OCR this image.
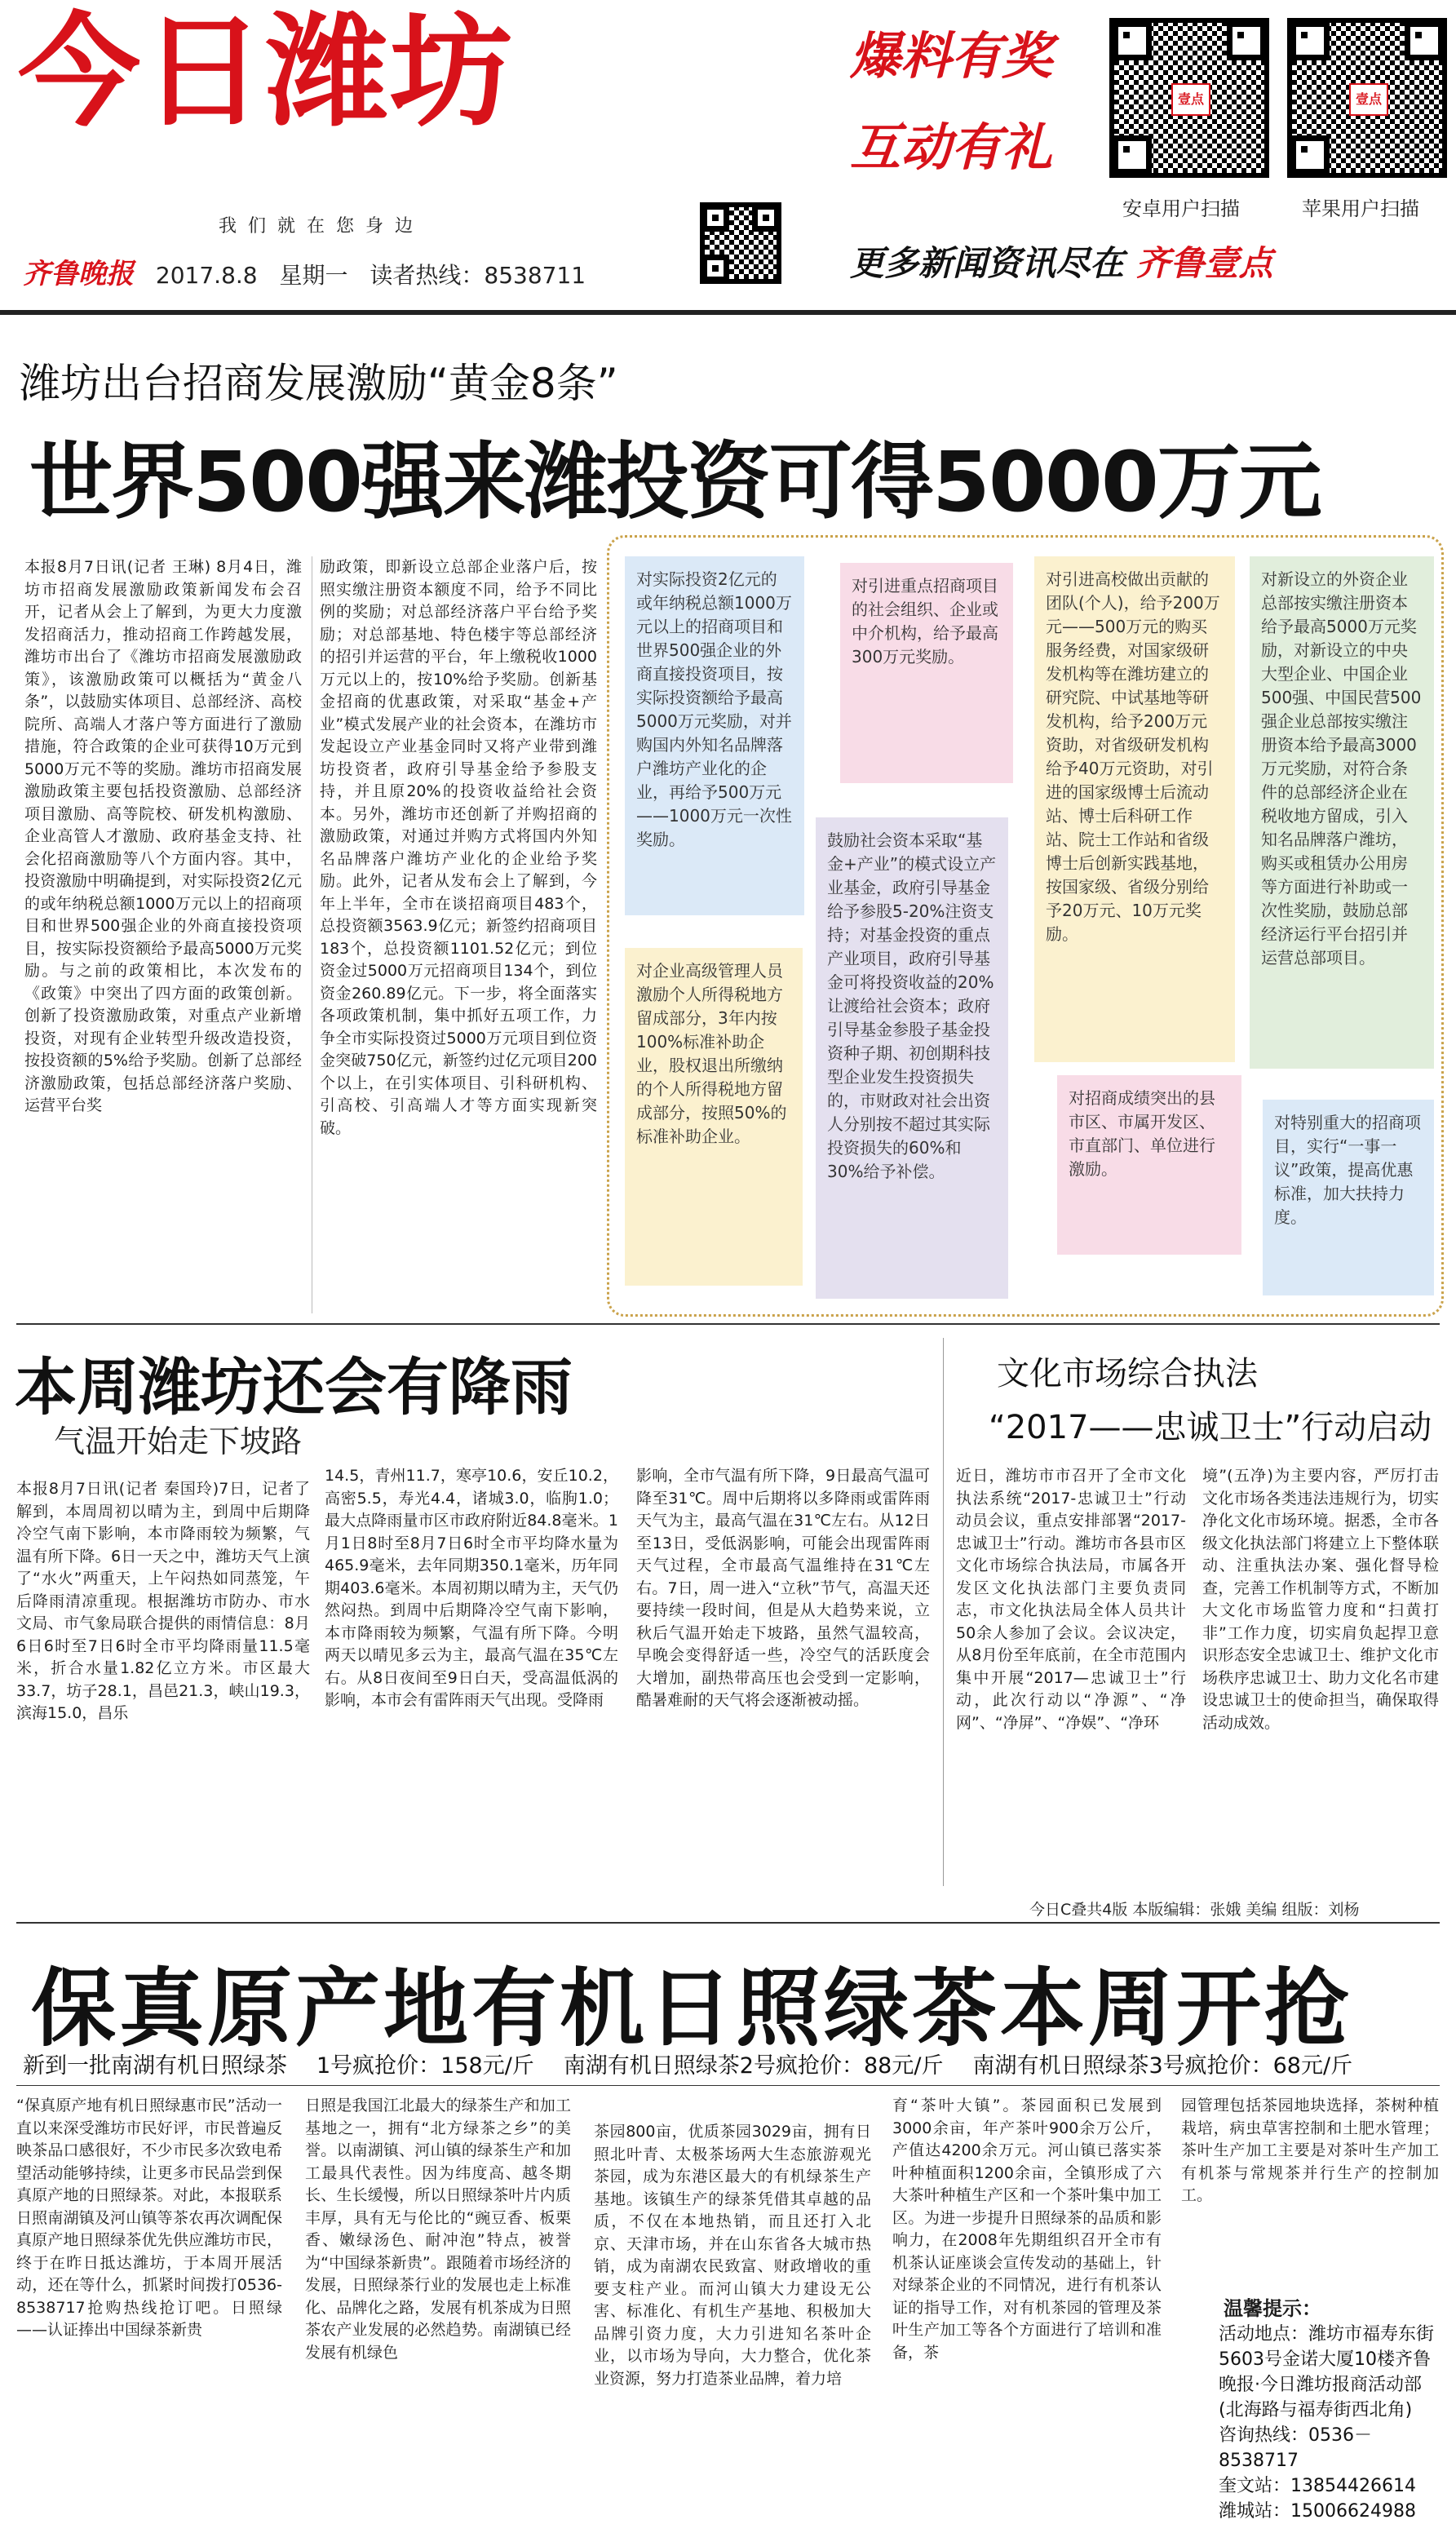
今日潍坊
我们就在您身边
齐鲁晚报 2017.8.8 星期一 读者热线：8538711
爆料有奖
互动有礼
壹点	壹点
安卓用户扫描	苹果用户扫描
更多新闻资讯尽在 齐鲁壹点
潍坊出台招商发展激励“黄金8条”
世界500强来潍投资可得5000万元
本报8月7日讯(记者 王琳) 8月4日，潍坊市招商发展激励政策新闻发布会召开，记者从会上了解到，为更大力度激发招商活力，推动招商工作跨越发展，潍坊市出台了《潍坊市招商发展激励政策》，该激励政策可以概括为“黄金八条”，以鼓励实体项目、总部经济、高校院所、高端人才落户等方面进行了激励措施，符合政策的企业可获得10万元到5000万元不等的奖励。潍坊市招商发展激励政策主要包括投资激励、总部经济项目激励、高等院校、研发机构激励、企业高管人才激励、政府基金支持、社会化招商激励等八个方面内容。其中，投资激励中明确提到，对实际投资2亿元的或年纳税总额1000万元以上的招商项目和世界500强企业的外商直接投资项目，按实际投资额给予最高5000万元奖励。与之前的政策相比，本次发布的《政策》中突出了四方面的政策创新。创新了投资激励政策，对重点产业新增投资，对现有企业转型升级改造投资，按投资额的5%给予奖励。创新了总部经济激励政策，包括总部经济落户奖励、运营平台奖
励政策，即新设立总部企业落户后，按照实缴注册资本额度不同，给予不同比例的奖励；对总部经济落户平台给予奖励；对总部基地、特色楼宇等总部经济的招引并运营的平台，年上缴税收1000万元以上的，按10%给予奖励。创新基金招商的优惠政策，对采取“基金+产业”模式发展产业的社会资本，在潍坊市发起设立产业基金同时又将产业带到潍坊投资者，政府引导基金给予参股支持，并且原20%的投资收益给社会资本。另外，潍坊市还创新了并购招商的激励政策，对通过并购方式将国内外知名品牌落户潍坊产业化的企业给予奖励。此外，记者从发布会上了解到，今年上半年，全市在谈招商项目483个，总投资额3563.9亿元；新签约招商项目183个，总投资额1101.52亿元；到位资金过5000万元招商项目134个，到位资金260.89亿元。下一步，将全面落实各项政策机制，集中抓好五项工作，力争全市实际投资过5000万元项目到位资金突破750亿元，新签约过亿元项目200个以上，在引实体项目、引科研机构、引高校、引高端人才等方面实现新突破。
对实际投资2亿元的或年纳税总额1000万元以上的招商项目和世界500强企业的外商直接投资项目，按实际投资额给予最高5000万元奖励，对并购国内外知名品牌落户潍坊产业化的企业，再给予500万元——1000万元一次性奖励。
对引进重点招商项目的社会组织、企业或中介机构，给予最高300万元奖励。
对引进高校做出贡献的团队(个人)，给予200万元——500万元的购买服务经费，对国家级研发机构等在潍坊建立的研究院、中试基地等研发机构，给予200万元资助，对省级研发机构给予40万元资助，对引进的国家级博士后流动站、博士后科研工作站、院士工作站和省级博士后创新实践基地，按国家级、省级分别给予20万元、10万元奖励。
对新设立的外资企业总部按实缴注册资本给予最高5000万元奖励，对新设立的中央大型企业、中国企业500强、中国民营500强企业总部按实缴注册资本给予最高3000万元奖励，对符合条件的总部经济企业在税收地方留成，引入知名品牌落户潍坊，购买或租赁办公用房等方面进行补助或一次性奖励，鼓励总部经济运行平台招引并运营总部项目。
鼓励社会资本采取“基金+产业”的模式设立产业基金，政府引导基金给予参股5-20%注资支持；对基金投资的重点产业项目，政府引导基金可将投资收益的20%让渡给社会资本；政府引导基金参股子基金投资种子期、初创期科技型企业发生投资损失的，市财政对社会出资人分别按不超过其实际投资损失的60%和30%给予补偿。
对企业高级管理人员激励个人所得税地方留成部分，3年内按100%标准补助企业，股权退出所缴纳的个人所得税地方留成部分，按照50%的标准补助企业。
对招商成绩突出的县市区、市属开发区、市直部门、单位进行激励。
对特别重大的招商项目，实行“一事一议”政策，提高优惠标准，加大扶持力度。
本周潍坊还会有降雨
气温开始走下坡路
本报8月7日讯(记者 秦国玲)7日，记者了解到，本周周初以晴为主，到周中后期降冷空气南下影响，本市降雨较为频繁，气温有所下降。6日一天之中，潍坊天气上演了“水火”两重天，上午闷热如同蒸笼，午后降雨清凉重现。根据潍坊市防办、市水文局、市气象局联合提供的雨情信息：8月6日6时至7日6时全市平均降雨量11.5毫米，折合水量1.82亿立方米。市区最大33.7，坊子28.1，昌邑21.3，峡山19.3，滨海15.0，昌乐
14.5，青州11.7，寒亭10.6，安丘10.2，高密5.5，寿光4.4，诸城3.0，临朐1.0；最大点降雨量市区市政府附近84.8毫米。1月1日8时至8月7日6时全市平均降水量为465.9毫米，去年同期350.1毫米，历年同期403.6毫米。本周初期以晴为主，天气仍然闷热。到周中后期降冷空气南下影响，本市降雨较为频繁，气温有所下降。今明两天以晴见多云为主，最高气温在35℃左右。从8日夜间至9日白天，受高温低涡的影响，本市会有雷阵雨天气出现。受降雨
影响，全市气温有所下降，9日最高气温可降至31℃。周中后期将以多降雨或雷阵雨天气为主，最高气温在31℃左右。从12日至13日，受低涡影响，可能会出现雷阵雨天气过程，全市最高气温维持在31℃左右。7日，周一进入“立秋”节气，高温天还要持续一段时间，但是从大趋势来说，立秋后气温开始走下坡路，虽然气温较高，早晚会变得舒适一些，冷空气的活跃度会大增加，副热带高压也会受到一定影响，酷暑难耐的天气将会逐渐被动摇。
文化市场综合执法
“2017——忠诚卫士”行动启动
近日，潍坊市市召开了全市文化执法系统“2017-忠诚卫士”行动动员会议，重点安排部署“2017-忠诚卫士”行动。潍坊市各县市区文化市场综合执法局，市属各开发区文化执法部门主要负责同志，市文化执法局全体人员共计50余人参加了会议。会议决定，从8月份至年底前，在全市范围内集中开展“2017—忠诚卫士”行动，此次行动以“净源”、“净网”、“净屏”、“净娱”、“净环
境”(五净)为主要内容，严厉打击文化市场各类违法违规行为，切实净化文化市场环境。据悉，全市各级文化执法部门将建立上下整体联动、注重执法办案、强化督导检查，完善工作机制等方式，不断加大文化市场监管力度和“扫黄打非”工作力度，切实肩负起捍卫意识形态安全忠诚卫士、维护文化市场秩序忠诚卫士、助力文化名市建设忠诚卫士的使命担当，确保取得活动成效。
今日C叠共4版 本版编辑：张娥 美编 组版：刘杨
保真原产地有机日照绿茶本周开抢
新到一批南湖有机日照绿茶 1号疯抢价：158元/斤 南湖有机日照绿茶2号疯抢价：88元/斤 南湖有机日照绿茶3号疯抢价：68元/斤
“保真原产地有机日照绿惠市民”活动一直以来深受潍坊市民好评，市民普遍反映茶品口感很好，不少市民多次致电希望活动能够持续，让更多市民品尝到保真原产地的日照绿茶。对此，本报联系日照南湖镇及河山镇等茶农再次调配保真原产地日照绿茶优先供应潍坊市民，终于在昨日抵达潍坊，于本周开展活动，还在等什么，抓紧时间拨打0536-8538717抢购热线抢订吧。日照绿——认证捧出中国绿茶新贵
日照是我国江北最大的绿茶生产和加工基地之一，拥有“北方绿茶之乡”的美誉。以南湖镇、河山镇的绿茶生产和加工最具代表性。因为纬度高、越冬期长、生长缓慢，所以日照绿茶叶片内质丰厚，具有无与伦比的“豌豆香、板栗香、嫩绿汤色、耐冲泡”特点，被誉为“中国绿茶新贵”。跟随着市场经济的发展，日照绿茶行业的发展也走上标准化、品牌化之路，发展有机茶成为日照茶农产业发展的必然趋势。南湖镇已经发展有机绿色
茶园800亩，优质茶园3029亩，拥有日照北叶青、太极茶场两大生态旅游观光茶园，成为东港区最大的有机绿茶生产基地。该镇生产的绿茶凭借其卓越的品质，不仅在本地热销，而且还打入北京、天津市场，并在山东省各大城市热销，成为南湖农民致富、财政增收的重要支柱产业。而河山镇大力建设无公害、标准化、有机生产基地、积极加大品牌引资力度，大力引进知名茶叶企业，以市场为导向，大力整合，优化茶业资源，努力打造茶业品牌，着力培
育“茶叶大镇”。茶园面积已发展到3000余亩，年产茶叶900余万公斤，产值达4200余万元。河山镇已落实茶叶种植面积1200余亩，全镇形成了六大茶叶种植生产区和一个茶叶集中加工区。为进一步提升日照绿茶的品质和影响力，在2008年先期组织召开全市有机茶认证座谈会宣传发动的基础上，针对绿茶企业的不同情况，进行有机茶认证的指导工作，对有机茶园的管理及茶叶生产加工等各个方面进行了培训和准备，茶
园管理包括茶园地块选择，茶树种植栽培，病虫草害控制和土肥水管理；茶叶生产加工主要是对茶叶生产加工有机茶与常规茶并行生产的控制加工。
温馨提示：
活动地点：潍坊市福寿东街5603号金诺大厦10楼齐鲁晚报·今日潍坊报商活动部(北海路与福寿街西北角)
咨询热线：0536－8538717
奎文站：13854426614 潍城站：15006624988
